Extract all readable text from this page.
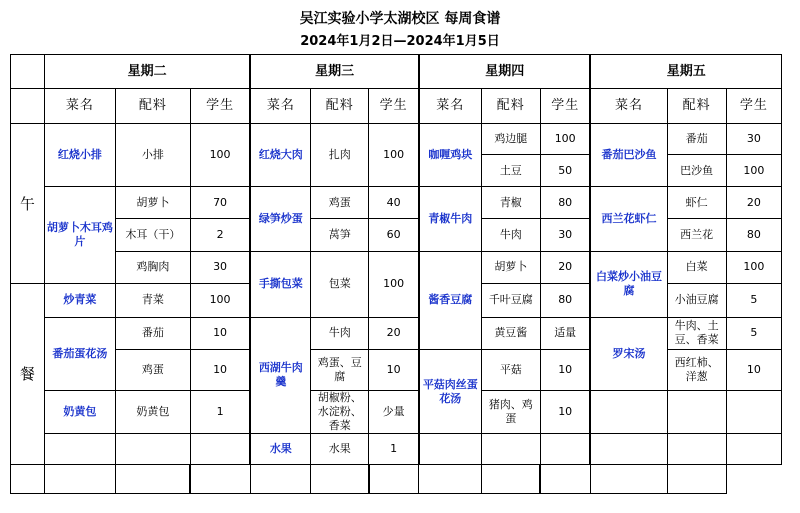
吴江实验小学太湖校区 每周食谱
2024年1月2日—2024年1月5日
	星期二			星期三			星期四			星期五		
	菜名	配料	学生	菜名	配料	学生	菜名	配料	学生	菜名	配料	学生
午	红烧小排	小排	100	红烧大肉	扎肉	100	咖喱鸡块	鸡边腿	100	番茄巴沙鱼	番茄	30
								土豆	50		巴沙鱼	100
	胡萝卜木耳鸡片	胡萝卜	70	绿笋炒蛋	鸡蛋	40	青椒牛肉	青椒	80	西兰花虾仁	虾仁	20
		木耳（干）	2		莴笋	60		牛肉	30		西兰花	80
		鸡胸肉	30	手撕包菜	包菜	100	酱香豆腐	胡萝卜	20	白菜炒小油豆腐	白菜	100
餐	炒青菜	青菜	100					千叶豆腐	80		小油豆腐	5
	番茄蛋花汤	番茄	10	西湖牛肉羹	牛肉	20		黄豆酱	适量	罗宋汤	牛肉、土豆、香菜	5
		鸡蛋	10		鸡蛋、豆腐	10	平菇肉丝蛋花汤	平菇	10		西红柿、洋葱	10
	奶黄包	奶黄包	1		胡椒粉、水淀粉、香菜	少量		猪肉、鸡蛋	10			
				水果	水果	1						
